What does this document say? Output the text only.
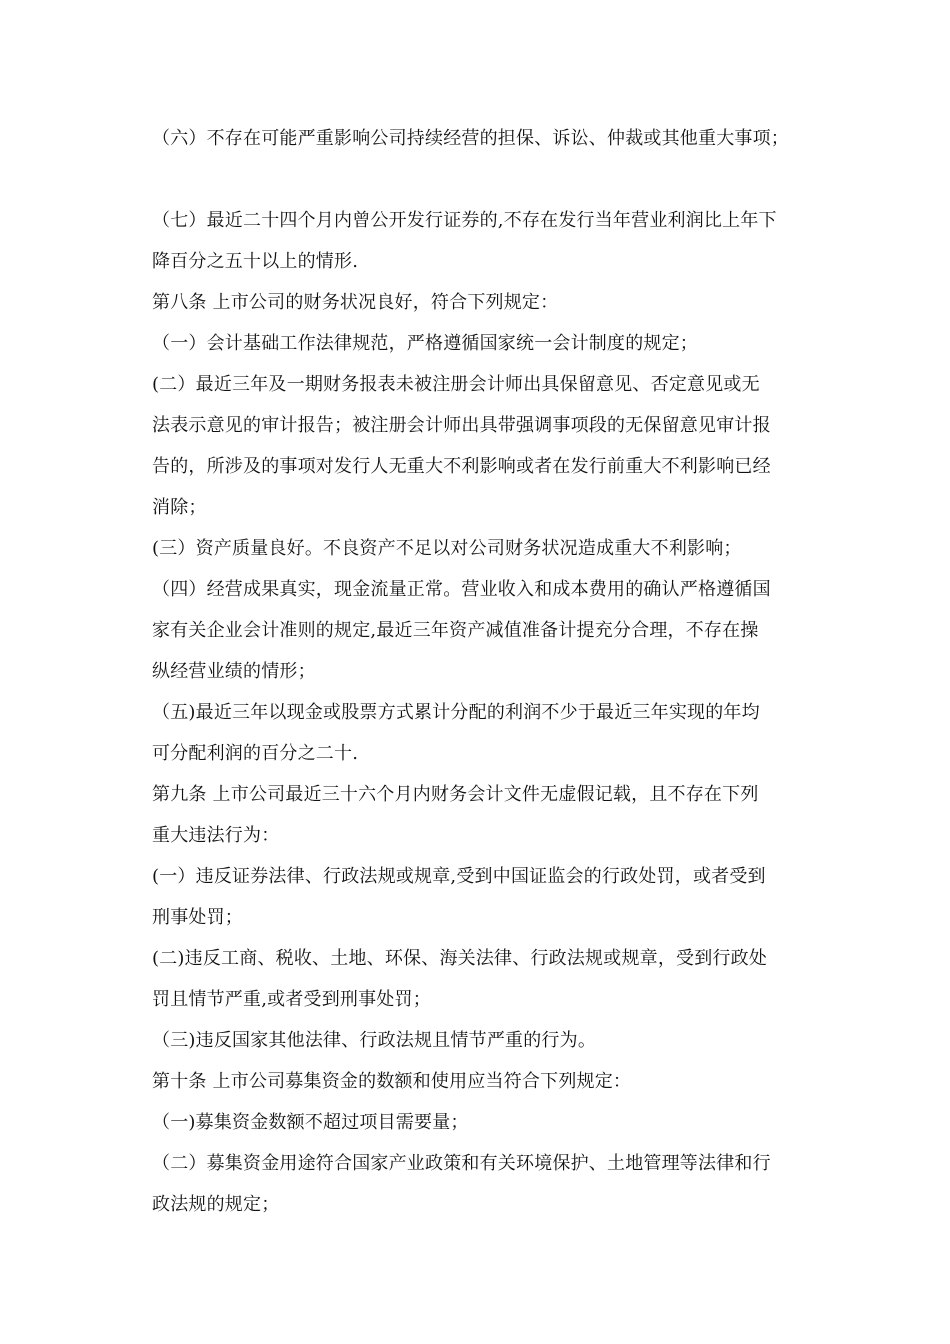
（六）不存在可能严重影响公司持续经营的担保、诉讼、仲裁或其他重大事项；
（七）最近二十四个月内曾公开发行证券的,不存在发行当年营业利润比上年下
降百分之五十以上的情形.
第八条 上市公司的财务状况良好，符合下列规定：
（一）会计基础工作法律规范，严格遵循国家统一会计制度的规定；
(二）最近三年及一期财务报表未被注册会计师出具保留意见、否定意见或无
法表示意见的审计报告；被注册会计师出具带强调事项段的无保留意见审计报
告的，所涉及的事项对发行人无重大不利影响或者在发行前重大不利影响已经
消除；
(三）资产质量良好。不良资产不足以对公司财务状况造成重大不利影响；
（四）经营成果真实，现金流量正常。营业收入和成本费用的确认严格遵循国
家有关企业会计准则的规定,最近三年资产减值准备计提充分合理，不存在操
纵经营业绩的情形；
（五)最近三年以现金或股票方式累计分配的利润不少于最近三年实现的年均
可分配利润的百分之二十.
第九条 上市公司最近三十六个月内财务会计文件无虚假记载，且不存在下列
重大违法行为：
(一）违反证券法律、行政法规或规章,受到中国证监会的行政处罚，或者受到
刑事处罚；
(二)违反工商、税收、土地、环保、海关法律、行政法规或规章，受到行政处
罚且情节严重,或者受到刑事处罚；
（三)违反国家其他法律、行政法规且情节严重的行为。
第十条 上市公司募集资金的数额和使用应当符合下列规定：
（一)募集资金数额不超过项目需要量；
（二）募集资金用途符合国家产业政策和有关环境保护、土地管理等法律和行
政法规的规定；
